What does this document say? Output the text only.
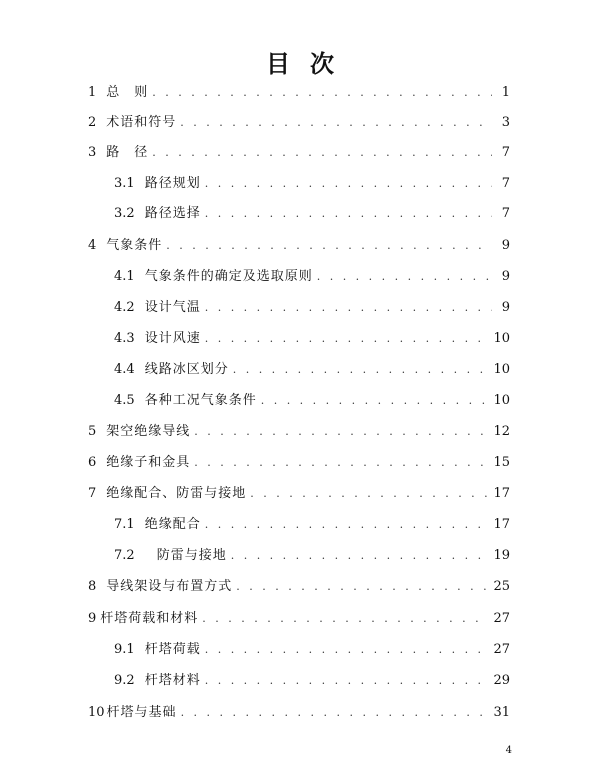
目 次
1 总　则 . . .	1
2 术语和符号 . . .	3
3 路　径 . . .	7
3.1 路径规划 . . .	7
3.2 路径选择 . . .	7
4 气象条件 . . .	9
4.1 气象条件的确定及选取原则 . . .	9
4.2 设计气温 . . .	9
4.3 设计风速 . . .	10
4.4 线路冰区划分 . . .	10
4.5 各种工况气象条件 . . .	10
5 架空绝缘导线 . . .	12
6 绝缘子和金具 . . .	15
7 绝缘配合、防雷与接地 . . .	17
7.1 绝缘配合 . . .	17
7.2 防雷与接地 . . .	19
8 导线架设与布置方式 . . .	25
9 杆塔荷载和材料 . . .	27
9.1 杆塔荷载 . . .	27
9.2 杆塔材料 . . .	29
10 杆塔与基础 . . .	31
4
